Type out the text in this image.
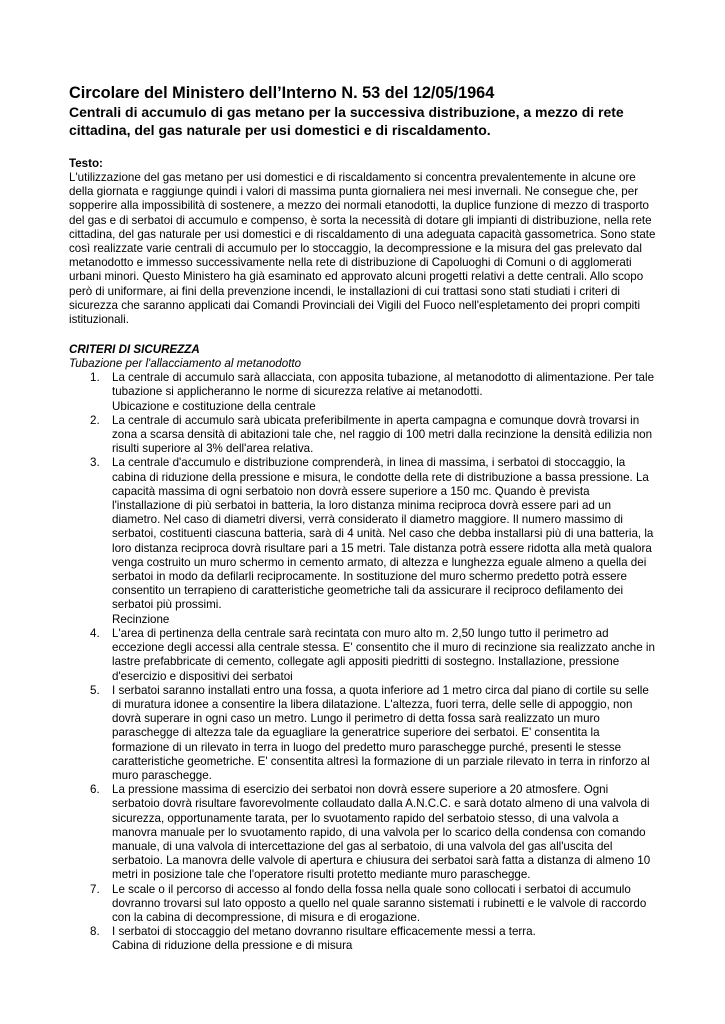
Circolare del Ministero dell’Interno N. 53 del 12/05/1964
Centrali di accumulo di gas metano per la successiva distribuzione, a mezzo di rete cittadina, del gas naturale per usi domestici e di riscaldamento.
Testo:

L'utilizzazione del gas metano per usi domestici e di riscaldamento si concentra prevalentemente in alcune ore della giornata e raggiunge quindi i valori di massima punta giornaliera nei mesi invernali. Ne consegue che, per sopperire alla impossibilità di sostenere, a mezzo dei normali etanodotti, la duplice funzione di mezzo di trasporto del gas e di serbatoi di accumulo e compenso, è sorta la necessità di dotare gli impianti di distribuzione, nella rete cittadina, del gas naturale per usi domestici e di riscaldamento di una adeguata capacità gassometrica. Sono state così realizzate varie centrali di accumulo per lo stoccaggio, la decompressione e la misura del gas prelevato dal metanodotto e immesso successivamente nella rete di distribuzione di Capoluoghi di Comuni o di agglomerati urbani minori. Questo Ministero ha già esaminato ed approvato alcuni progetti relativi a dette centrali. Allo scopo però di uniformare, ai fini della prevenzione incendi, le installazioni di cui trattasi sono stati studiati i criteri di sicurezza che saranno applicati dai Comandi Provinciali dei Vigili del Fuoco nell'espletamento dei propri compiti istituzionali.

CRITERI DI SICUREZZA
Tubazione per l'allacciamento al metanodotto
1. La centrale di accumulo sarà allacciata, con apposita tubazione, al metanodotto di alimentazione. Per tale tubazione si applicheranno le norme di sicurezza relative ai metanodotti.
Ubicazione e costituzione della centrale
2. La centrale di accumulo sarà ubicata preferibilmente in aperta campagna e comunque dovrà trovarsi in zona a scarsa densità di abitazioni tale che, nel raggio di 100 metri dalla recinzione la densità edilizia non risulti superiore al 3% dell'area relativa.
3. La centrale d'accumulo e distribuzione comprenderà, in linea di massima, i serbatoi di stoccaggio, la cabina di riduzione della pressione e misura, le condotte della rete di distribuzione a bassa pressione. La capacità massima di ogni serbatoio non dovrà essere superiore a 150 mc. Quando è prevista l'installazione di più serbatoi in batteria, la loro distanza minima reciproca dovrà essere pari ad un diametro. Nel caso di diametri diversi, verrà considerato il diametro maggiore. Il numero massimo di serbatoi, costituenti ciascuna batteria, sarà di 4 unità. Nel caso che debba installarsi più di una batteria, la loro distanza reciproca dovrà risultare pari a 15 metri. Tale distanza potrà essere ridotta alla metà qualora venga costruito un muro schermo in cemento armato, di altezza e lunghezza eguale almeno a quella dei serbatoi in modo da defilarli reciprocamente. In sostituzione del muro schermo predetto potrà essere consentito un terrapieno di caratteristiche geometriche tali da assicurare il reciproco defilamento dei serbatoi più prossimi.
Recinzione
4. L'area di pertinenza della centrale sarà recintata con muro alto m. 2,50 lungo tutto il perimetro ad eccezione degli accessi alla centrale stessa. E' consentito che il muro di recinzione sia realizzato anche in lastre prefabbricate di cemento, collegate agli appositi piedritti di sostegno. Installazione, pressione d'esercizio e dispositivi dei serbatoi
5. I serbatoi saranno installati entro una fossa, a quota inferiore ad 1 metro circa dal piano di cortile su selle di muratura idonee a consentire la libera dilatazione. L'altezza, fuori terra, delle selle di appoggio, non dovrà superare in ogni caso un metro. Lungo il perimetro di detta fossa sarà realizzato un muro paraschegge di altezza tale da eguagliare la generatrice superiore dei serbatoi. E' consentita la formazione di un rilevato in terra in luogo del predetto muro paraschegge purché, presenti le stesse caratteristiche geometriche. E' consentita altresì la formazione di un parziale rilevato in terra in rinforzo al muro paraschegge.
6. La pressione massima di esercizio dei serbatoi non dovrà essere superiore a 20 atmosfere. Ogni serbatoio dovrà risultare favorevolmente collaudato dalla A.N.C.C. e sarà dotato almeno di una valvola di sicurezza, opportunamente tarata, per lo svuotamento rapido del serbatoio stesso, di una valvola a manovra manuale per lo svuotamento rapido, di una valvola per lo scarico della condensa con comando manuale, di una valvola di intercettazione del gas al serbatoio, di una valvola del gas all'uscita del serbatoio. La manovra delle valvole di apertura e chiusura dei serbatoi sarà fatta a distanza di almeno 10 metri in posizione tale che l'operatore risulti protetto mediante muro paraschegge.
7. Le scale o il percorso di accesso al fondo della fossa nella quale sono collocati i serbatoi di accumulo dovranno trovarsi sul lato opposto a quello nel quale saranno sistemati i rubinetti e le valvole di raccordo con la cabina di decompressione, di misura e di erogazione.
8. I serbatoi di stoccaggio del metano dovranno risultare efficacemente messi a terra.
Cabina di riduzione della pressione e di misura
